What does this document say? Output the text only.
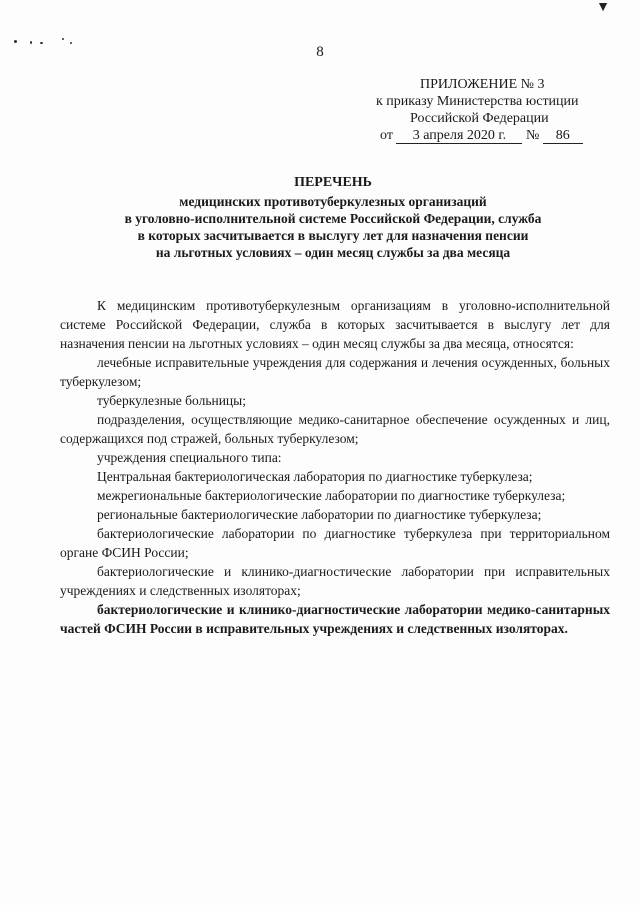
▼
8
ПРИЛОЖЕНИЕ № 3
к приказу Министерства юстиции
Российской Федерации
от 3 апреля 2020 г. № 86
ПЕРЕЧЕНЬ
медицинских противотуберкулезных организаций
в уголовно-исполнительной системе Российской Федерации, служба
в которых засчитывается в выслугу лет для назначения пенсии
на льготных условиях – один месяц службы за два месяца

К медицинским противотуберкулезным организациям в уголовно-исполнительной системе Российской Федерации, служба в которых засчитывается в выслугу лет для назначения пенсии на льготных условиях – один месяц службы за два месяца, относятся:

лечебные исправительные учреждения для содержания и лечения осужденных, больных туберкулезом;

туберкулезные больницы;

подразделения, осуществляющие медико-санитарное обеспечение осужденных и лиц, содержащихся под стражей, больных туберкулезом;

учреждения специального типа:

Центральная бактериологическая лаборатория по диагностике туберкулеза;

межрегиональные бактериологические лаборатории по диагностике туберкулеза;

региональные бактериологические лаборатории по диагностике туберкулеза;

бактериологические лаборатории по диагностике туберкулеза при территориальном органе ФСИН России;

бактериологические и клинико-диагностические лаборатории при исправительных учреждениях и следственных изоляторах;

бактериологические и клинико-диагностические лаборатории медико-санитарных частей ФСИН России в исправительных учреждениях и следственных изоляторах.
